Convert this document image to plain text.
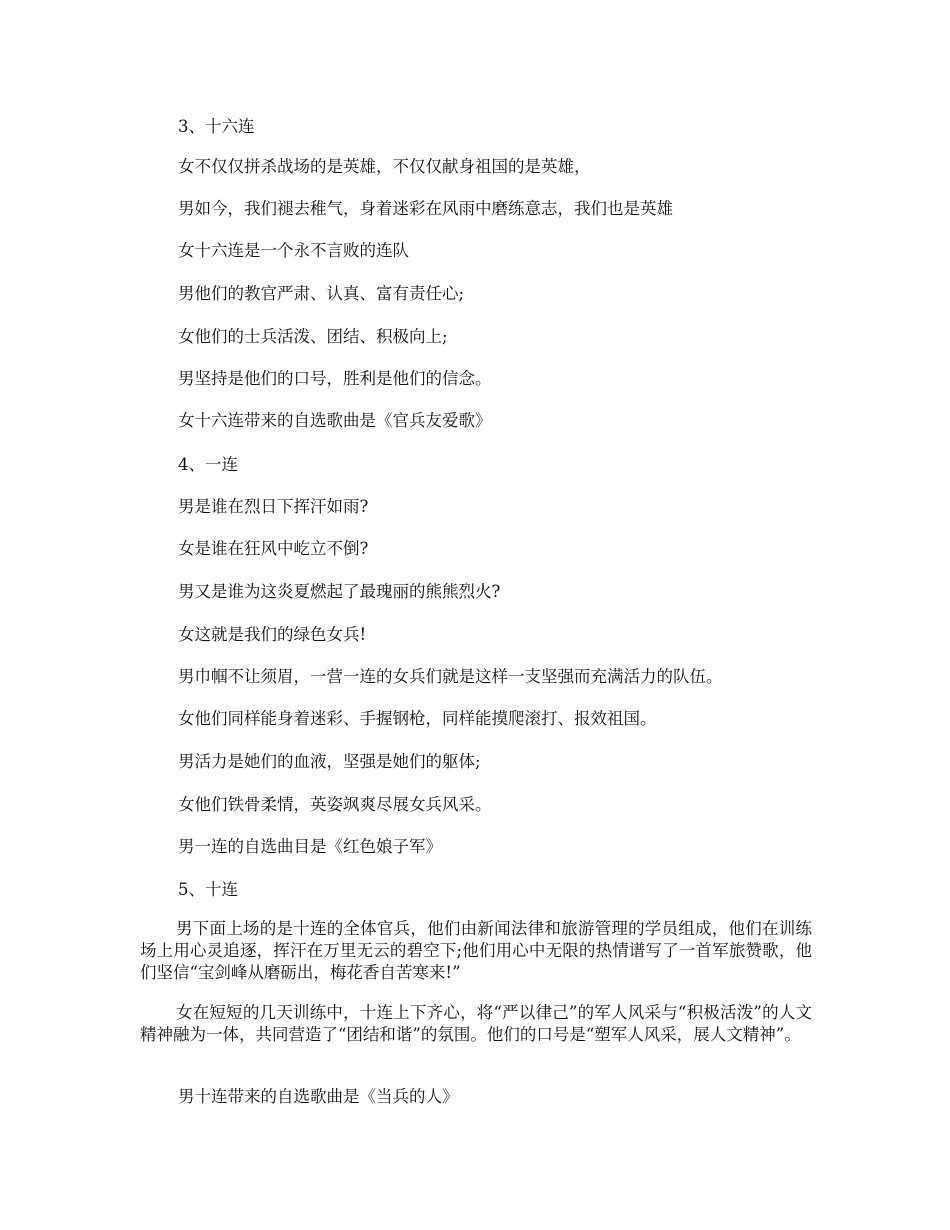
3、十六连

女不仅仅拼杀战场的是英雄，不仅仅献身祖国的是英雄，

男如今，我们褪去稚气，身着迷彩在风雨中磨练意志，我们也是英雄

女十六连是一个永不言败的连队

男他们的教官严肃、认真、富有责任心;

女他们的士兵活泼、团结、积极向上;

男坚持是他们的口号，胜利是他们的信念。

女十六连带来的自选歌曲是《官兵友爱歌》

4、一连

男是谁在烈日下挥汗如雨?

女是谁在狂风中屹立不倒?

男又是谁为这炎夏燃起了最瑰丽的熊熊烈火?

女这就是我们的绿色女兵!

男巾帼不让须眉，一营一连的女兵们就是这样一支坚强而充满活力的队伍。

女他们同样能身着迷彩、手握钢枪，同样能摸爬滚打、报效祖国。

男活力是她们的血液，坚强是她们的躯体;

女他们铁骨柔情，英姿飒爽尽展女兵风采。

男一连的自选曲目是《红色娘子军》

5、十连

男下面上场的是十连的全体官兵，他们由新闻法律和旅游管理的学员组成，他们在训练场上用心灵追逐，挥汗在万里无云的碧空下;他们用心中无限的热情谱写了一首军旅赞歌，他们坚信“宝剑峰从磨砺出，梅花香自苦寒来!”

女在短短的几天训练中，十连上下齐心，将“严以律己”的军人风采与“积极活泼”的人文精神融为一体，共同营造了“团结和谐”的氛围。他们的口号是“塑军人风采，展人文精神”。

男十连带来的自选歌曲是《当兵的人》
